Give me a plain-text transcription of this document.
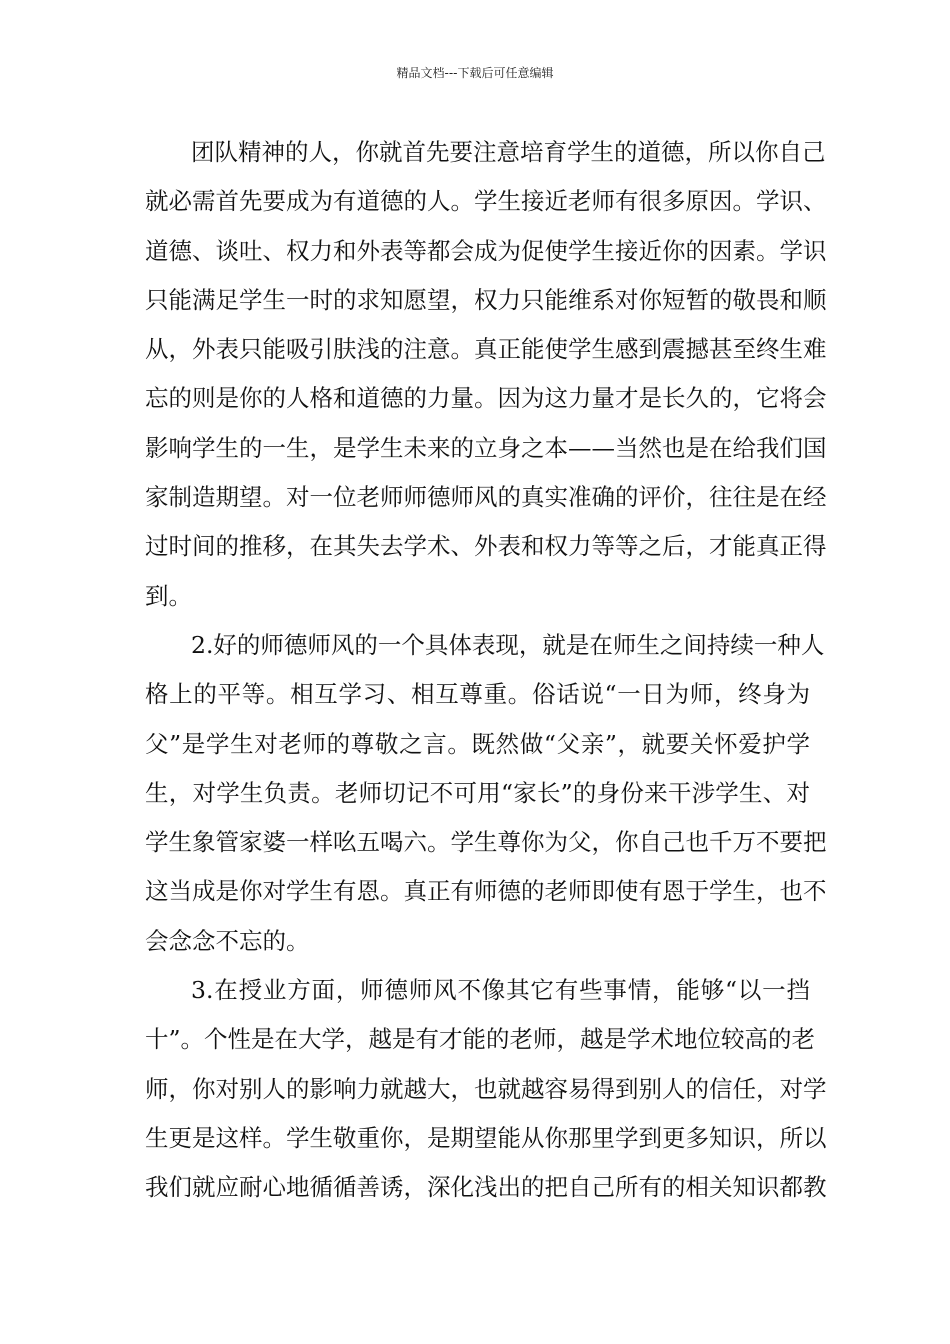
精品文档---下载后可任意编辑
团队精神的人，你就首先要注意培育学生的道德，所以你自己
就必需首先要成为有道德的人。学生接近老师有很多原因。学识、
道德、谈吐、权力和外表等都会成为促使学生接近你的因素。学识
只能满足学生一时的求知愿望，权力只能维系对你短暂的敬畏和顺
从，外表只能吸引肤浅的注意。真正能使学生感到震撼甚至终生难
忘的则是你的人格和道德的力量。因为这力量才是长久的，它将会
影响学生的一生，是学生未来的立身之本——当然也是在给我们国
家制造期望。对一位老师师德师风的真实准确的评价，往往是在经
过时间的推移，在其失去学术、外表和权力等等之后，才能真正得
到。
2.好的师德师风的一个具体表现，就是在师生之间持续一种人
格上的平等。相互学习、相互尊重。俗话说“一日为师，终身为
父”是学生对老师的尊敬之言。既然做“父亲”，就要关怀爱护学
生，对学生负责。老师切记不可用“家长”的身份来干涉学生、对
学生象管家婆一样吆五喝六。学生尊你为父，你自己也千万不要把
这当成是你对学生有恩。真正有师德的老师即使有恩于学生，也不
会念念不忘的。
3.在授业方面，师德师风不像其它有些事情，能够“以一挡
十”。个性是在大学，越是有才能的老师，越是学术地位较高的老
师，你对别人的影响力就越大，也就越容易得到别人的信任，对学
生更是这样。学生敬重你，是期望能从你那里学到更多知识，所以
我们就应耐心地循循善诱，深化浅出的把自己所有的相关知识都教
